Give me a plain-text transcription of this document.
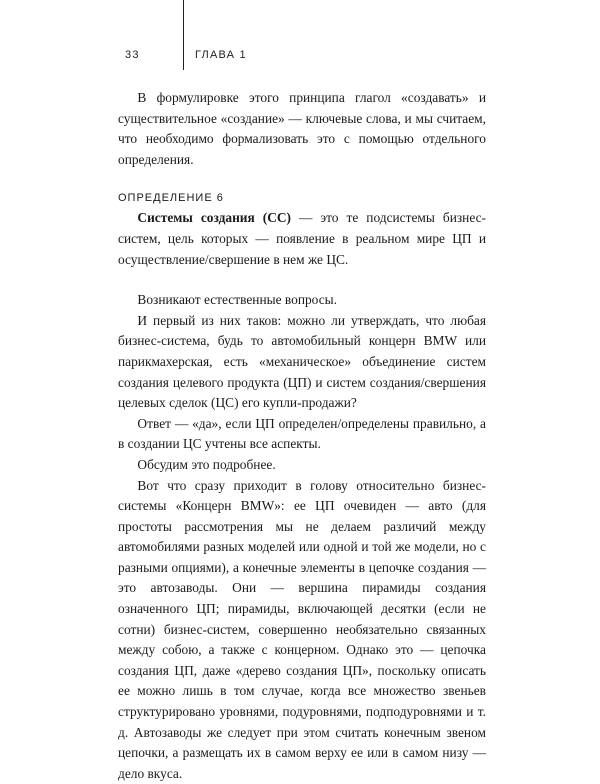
33	ГЛАВА 1

В формулировке этого принципа глагол «создавать» и существительное «создание» — ключевые слова, и мы считаем, что необходимо формализовать это с помощью отдельного определения.

ОПРЕДЕЛЕНИЕ 6

Системы создания (СС) — это те подсистемы бизнес-систем, цель которых — появление в реальном мире ЦП и осуществление/свершение в нем же ЦС.

Возникают естественные вопросы.

И первый из них таков: можно ли утверждать, что любая бизнес-система, будь то автомобильный концерн BMW или парикмахерская, есть «механическое» объединение систем создания целевого продукта (ЦП) и систем создания/свершения целевых сделок (ЦС) его купли-продажи?

Ответ — «да», если ЦП определен/определены правильно, а в создании ЦС учтены все аспекты.

Обсудим это подробнее.

Вот что сразу приходит в голову относительно бизнес-системы «Концерн BMW»: ее ЦП очевиден — авто (для простоты рассмотрения мы не делаем различий между автомобилями разных моделей или одной и той же модели, но с разными опциями), а конечные элементы в цепочке создания — это автозаводы. Они — вершина пирамиды создания означенного ЦП; пирамиды, включающей десятки (если не сотни) бизнес-систем, совершенно необязательно связанных между собою, а также с концерном. Однако это — цепочка создания ЦП, даже «дерево создания ЦП», поскольку описать ее можно лишь в том случае, когда все множество звеньев структурировано уровнями, подуровнями, подподуровнями и т. д. Автозаводы же следует при этом считать конечным звеном цепочки, а размещать их в самом верху ее или в самом низу — дело вкуса.
